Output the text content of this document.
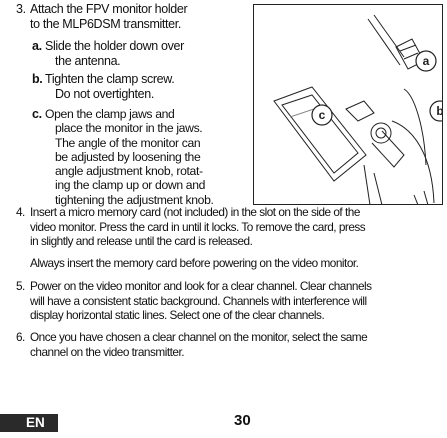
3. Attach the FPV monitor holder
to the MLP6DSM transmitter.
a. Slide the holder down over
the antenna.
b. Tighten the clamp screw.
Do not overtighten.
c. Open the clamp jaws and
place the monitor in the jaws.
The angle of the monitor can
be adjusted by loosening the
angle adjustment knob, rotat-
ing the clamp up or down and
tightening the adjustment knob.
a
b
c
4. Insert a micro memory card (not included) in the slot on the side of the
video monitor. Press the card in until it locks. To remove the card, press
in slightly and release until the card is released.
Always insert the memory card before powering on the video monitor.
5. Power on the video monitor and look for a clear channel. Clear channels
will have a consistent static background. Channels with interference will
display horizontal static lines. Select one of the clear channels.
6. Once you have chosen a clear channel on the monitor, select the same
channel on the video transmitter.
EN	30
